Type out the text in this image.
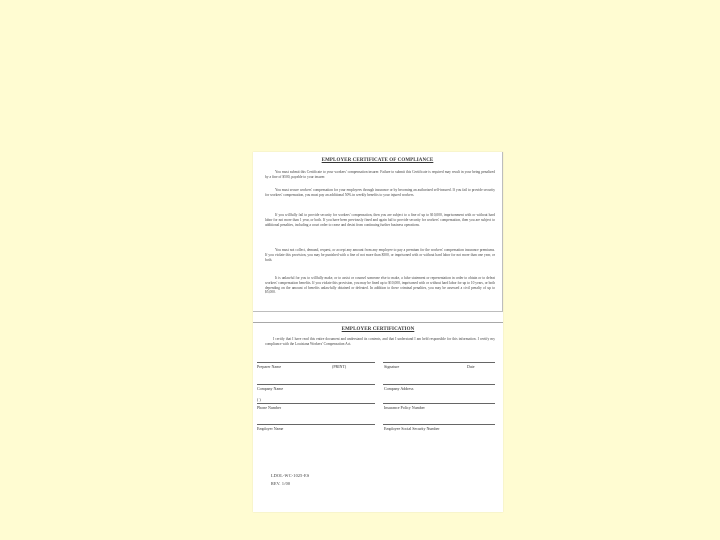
EMPLOYER CERTIFICATE OF COMPLIANCE
You must submit this Certificate to your workers' compensation insurer. Failure to submit this Certificate is required may result in your being penalized by a fine of $500, payable to your insurer.
You must secure workers' compensation for your employees through insurance or by becoming an authorized self-insured. If you fail to provide security for workers' compensation, you must pay an additional 50% in weekly benefits to your injured workers.
If you willfully fail to provide security for workers' compensation, then you are subject to a fine of up to $10,000, imprisonment with or without hard labor for not more than 1 year, or both. If you have been previously fined and again fail to provide security for workers' compensation, then you are subject to additional penalties, including a court order to cease and desist from continuing further business operations.
You must not collect, demand, request, or accept any amount from any employee to pay a premium for the workers' compensation insurance premiums. If you violate this provision, you may be punished with a fine of not more than $500, or imprisoned with or without hard labor for not more than one year, or both.
It is unlawful for you to willfully make, or to assist or counsel someone else to make, a false statement or representation in order to obtain or to defeat workers' compensation benefits. If you violate this provision, you may be fined up to $10,000, imprisoned with or without hard labor for up to 10 years, or both depending on the amount of benefits unlawfully obtained or defeated. In addition to these criminal penalties, you may be assessed a civil penalty of up to $5,000.
EMPLOYER CERTIFICATION
I certify that I have read this entire document and understand its contents, and that I understand I am held responsible for this information. I certify my compliance with the Louisiana Workers' Compensation Act.
Preparer Name	(PRINT)	Signature	Date
Company Name	Company Address
( )
Phone Number	Insurance Policy Number
Employer Name	Employee Social Security Number
LDOL-WC-1025-ES
REV. 1/00
